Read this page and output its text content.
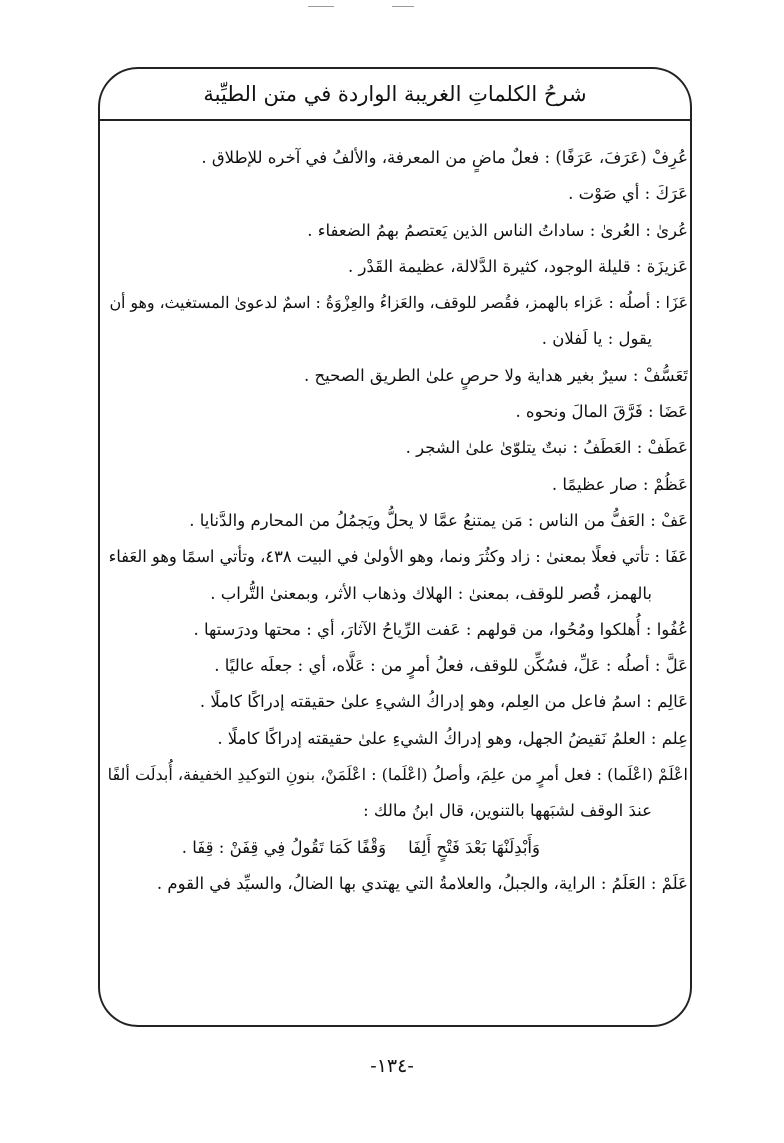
شرحُ الكلماتِ الغريبة الواردة في متن الطيِّبة
عُرِفْ (عَرَفَ، عَرَفًا) : فعلٌ ماضٍ من المعرفة، والألفُ في آخره للإطلاق .
عَرَكَ : أي صَوْت .
عُرىٰ : العُرىٰ : ساداتُ الناس الذين يَعتصمُ بهمُ الضعفاء .
عَزيزَة : قليلة الوجود، كثيرة الدَّلالة، عظيمة القَدْر .
عَزَا : أصلُه : عَزاء بالهمز، فقُصر للوقف، والعَزاءُ والعِزْوَةُ : اسمٌ لدعوىٰ المستغيث، وهو أن
يقول : يا لَفلان .
تَعَسُّفْ : سيرٌ بغير هداية ولا حرصٍ علىٰ الطريق الصحيح .
عَضَا : فَرَّقَ المالَ ونحوه .
عَطَفْ : العَطَفُ : نبتٌ يتلوّىٰ علىٰ الشجر .
عَظُمْ : صار عظيمًا .
عَفْ : العَفُّ من الناس : مَن يمتنعُ عمَّا لا يحلُّ ويَجمُلُ من المحارم والدَّنايا .
عَفَا : تأتي فعلًا بمعنىٰ : زاد وكثُرَ ونما، وهو الأولىٰ في البيت ٤٣٨، وتأتي اسمًا وهو العَفاء
بالهمز، قُصر للوقف، بمعنىٰ : الهلاك وذهاب الأثر، وبمعنىٰ التُّراب .
عُفُوا : أُهلكوا ومُحُوا، من قولهم : عَفت الرِّياحُ الآثارَ، أي : محتها ودرَستها .
عَلَّ : أصلُه : عَلِّ، فسُكِّن للوقف، فعلُ أمرٍ من : عَلَّاه، أي : جعلَه عاليًا .
عَالِم : اسمُ فاعل من العِلم، وهو إدراكُ الشيءِ علىٰ حقيقته إدراكًا كاملًا .
عِلم : العلمُ نَقيضُ الجهل، وهو إدراكُ الشيءِ علىٰ حقيقته إدراكًا كاملًا .
اعْلَمْ (اعْلَما) : فعل أمرٍ من علِمَ، وأصلُ (اعْلَما) : اعْلَمَنْ، بنونِ التوكيدِ الخفيفة، أُبدلَت ألفًا
عندَ الوقف لشبَهها بالتنوين، قال ابنُ مالك :
وَأَبْدِلَنْهَا بَعْدَ فَتْحٍ أَلِفَاوَقْفًا كَمَا تَقُولُ فِي قِفَنْ : قِفَا .
عَلَمْ : العَلَمُ : الراية، والجبلُ، والعلامةُ التي يهتدي بها الضالُ، والسيِّد في القوم .
-١٣٤-
